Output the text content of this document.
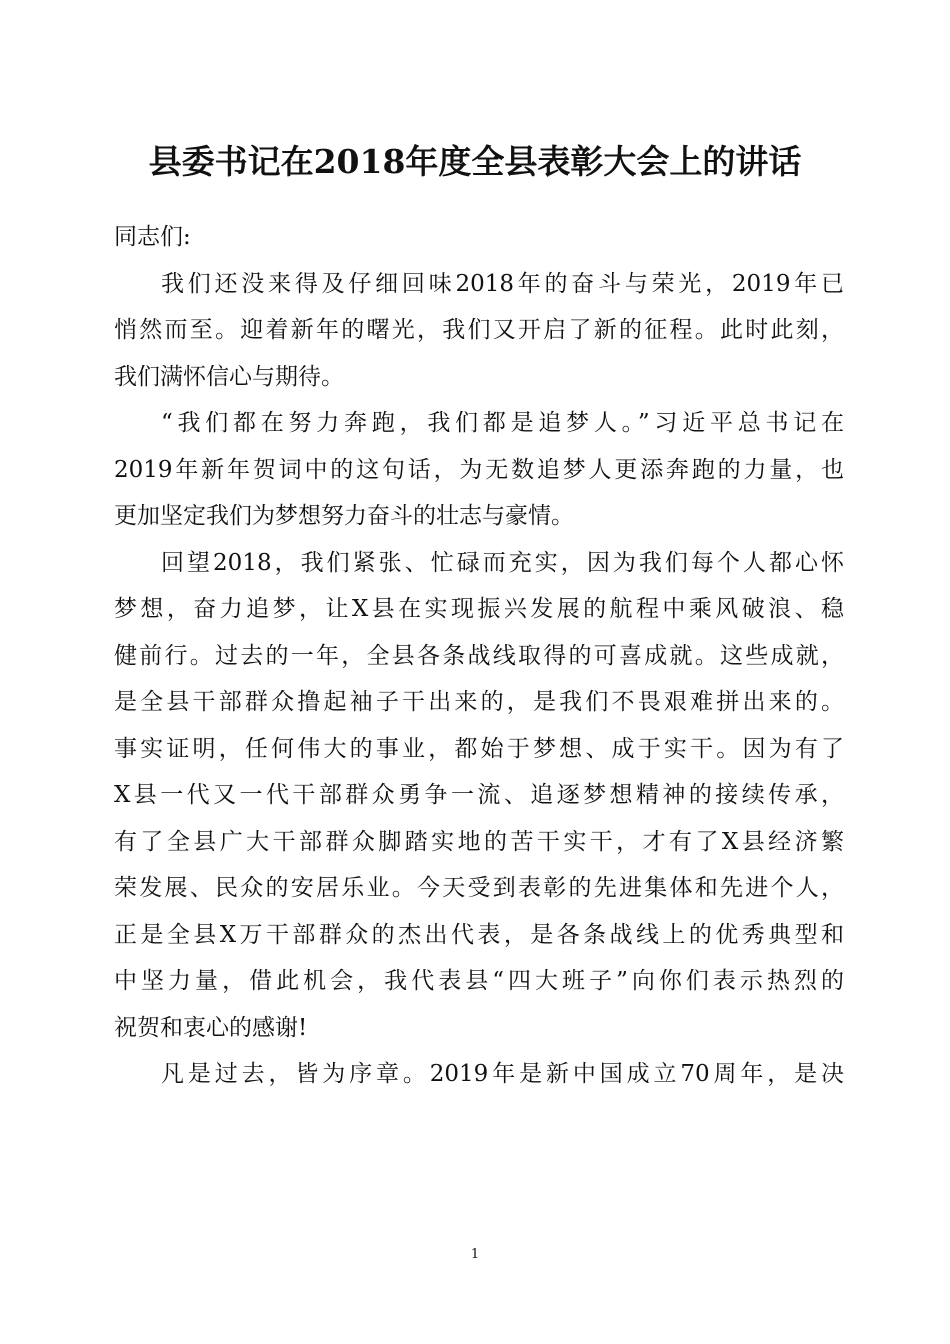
县委书记在2018年度全县表彰大会上的讲话
同志们:
我们还没来得及仔细回味2018年的奋斗与荣光，2019年已
悄然而至。迎着新年的曙光，我们又开启了新的征程。此时此刻，
我们满怀信心与期待。
“我们都在努力奔跑，我们都是追梦人。”习近平总书记在
2019年新年贺词中的这句话，为无数追梦人更添奔跑的力量，也
更加坚定我们为梦想努力奋斗的壮志与豪情。
回望2018，我们紧张、忙碌而充实，因为我们每个人都心怀
梦想，奋力追梦，让X县在实现振兴发展的航程中乘风破浪、稳
健前行。过去的一年，全县各条战线取得的可喜成就。这些成就，
是全县干部群众撸起袖子干出来的，是我们不畏艰难拼出来的。
事实证明，任何伟大的事业，都始于梦想、成于实干。因为有了
X县一代又一代干部群众勇争一流、追逐梦想精神的接续传承，
有了全县广大干部群众脚踏实地的苦干实干，才有了X县经济繁
荣发展、民众的安居乐业。今天受到表彰的先进集体和先进个人，
正是全县X万干部群众的杰出代表，是各条战线上的优秀典型和
中坚力量，借此机会，我代表县“四大班子”向你们表示热烈的
祝贺和衷心的感谢!
凡是过去，皆为序章。2019年是新中国成立70周年，是决
1
